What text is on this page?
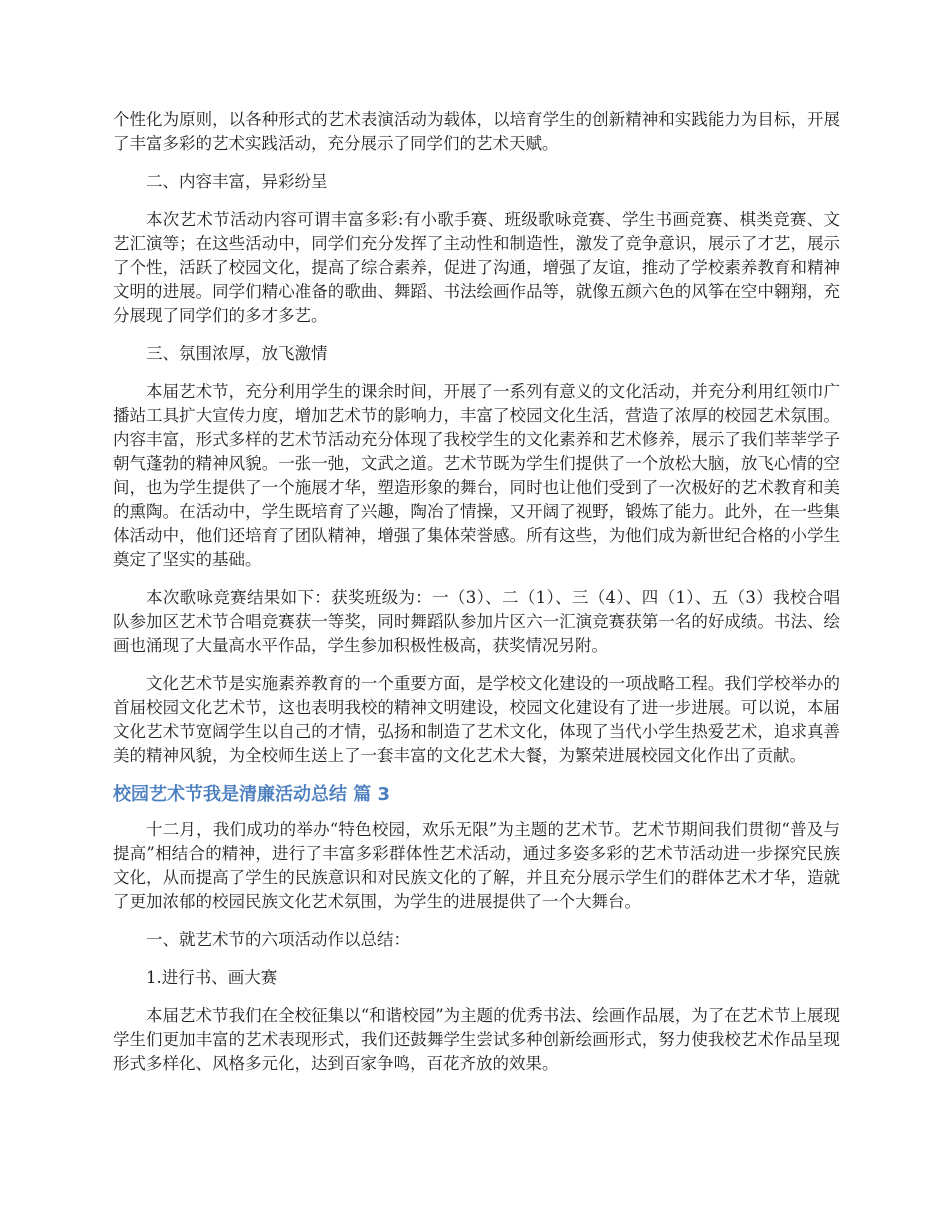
个性化为原则，以各种形式的艺术表演活动为载体，以培育学生的创新精神和实践能力为目标，开展了丰富多彩的艺术实践活动，充分展示了同学们的艺术天赋。

二、内容丰富，异彩纷呈

本次艺术节活动内容可谓丰富多彩:有小歌手赛、班级歌咏竞赛、学生书画竞赛、棋类竞赛、文艺汇演等；在这些活动中，同学们充分发挥了主动性和制造性，激发了竞争意识，展示了才艺，展示了个性，活跃了校园文化，提高了综合素养，促进了沟通，增强了友谊，推动了学校素养教育和精神文明的进展。同学们精心准备的歌曲、舞蹈、书法绘画作品等，就像五颜六色的风筝在空中翱翔，充分展现了同学们的多才多艺。

三、氛围浓厚，放飞激情

本届艺术节，充分利用学生的课余时间，开展了一系列有意义的文化活动，并充分利用红领巾广播站工具扩大宣传力度，增加艺术节的影响力，丰富了校园文化生活，营造了浓厚的校园艺术氛围。内容丰富，形式多样的艺术节活动充分体现了我校学生的文化素养和艺术修养，展示了我们莘莘学子朝气蓬勃的精神风貌。一张一弛，文武之道。艺术节既为学生们提供了一个放松大脑，放飞心情的空间，也为学生提供了一个施展才华，塑造形象的舞台，同时也让他们受到了一次极好的艺术教育和美的熏陶。在活动中，学生既培育了兴趣，陶冶了情操，又开阔了视野，锻炼了能力。此外，在一些集体活动中，他们还培育了团队精神，增强了集体荣誉感。所有这些，为他们成为新世纪合格的小学生奠定了坚实的基础。

本次歌咏竞赛结果如下：获奖班级为：一（3）、二（1）、三（4）、四（1）、五（3）我校合唱队参加区艺术节合唱竞赛获一等奖，同时舞蹈队参加片区六一汇演竞赛获第一名的好成绩。书法、绘画也涌现了大量高水平作品，学生参加积极性极高，获奖情况另附。

文化艺术节是实施素养教育的一个重要方面，是学校文化建设的一项战略工程。我们学校举办的首届校园文化艺术节，这也表明我校的精神文明建设，校园文化建设有了进一步进展。可以说，本届文化艺术节宽阔学生以自己的才情，弘扬和制造了艺术文化，体现了当代小学生热爱艺术，追求真善美的精神风貌，为全校师生送上了一套丰富的文化艺术大餐，为繁荣进展校园文化作出了贡献。

校园艺术节我是清廉活动总结 篇 3

十二月，我们成功的举办“特色校园，欢乐无限”为主题的艺术节。艺术节期间我们贯彻“普及与提高”相结合的精神，进行了丰富多彩群体性艺术活动，通过多姿多彩的艺术节活动进一步探究民族文化，从而提高了学生的民族意识和对民族文化的了解，并且充分展示学生们的群体艺术才华，造就了更加浓郁的校园民族文化艺术氛围，为学生的进展提供了一个大舞台。

一、就艺术节的六项活动作以总结：

1.进行书、画大赛

本届艺术节我们在全校征集以“和谐校园”为主题的优秀书法、绘画作品展，为了在艺术节上展现学生们更加丰富的艺术表现形式，我们还鼓舞学生尝试多种创新绘画形式，努力使我校艺术作品呈现形式多样化、风格多元化，达到百家争鸣，百花齐放的效果。
